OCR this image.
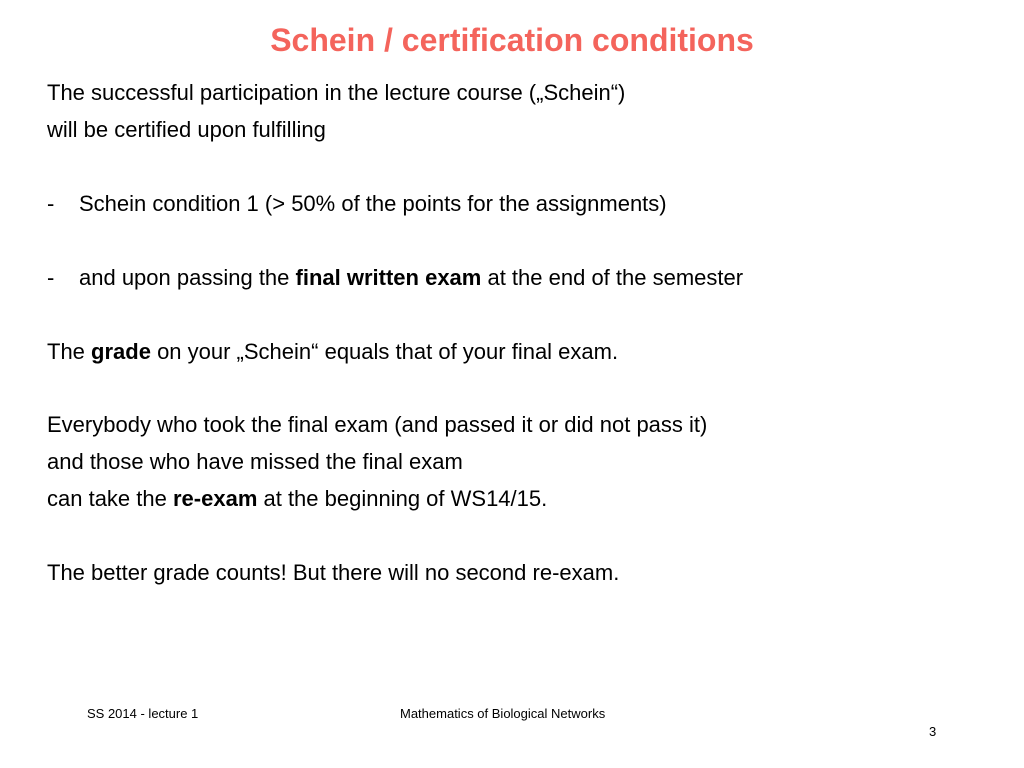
Schein / certification conditions
The successful participation in the lecture course („Schein“)
will be certified upon fulfilling
- Schein condition 1 (> 50% of the points for the assignments)
- and upon passing the final written exam at the end of the semester
The grade on your „Schein“ equals that of your final exam.
Everybody who took the final exam (and passed it or did not pass it)
and those who have missed the final exam
can take the re-exam at the beginning of WS14/15.
The better grade counts! But there will no second re-exam.
SS 2014 - lecture 1	Mathematics of Biological Networks
3
